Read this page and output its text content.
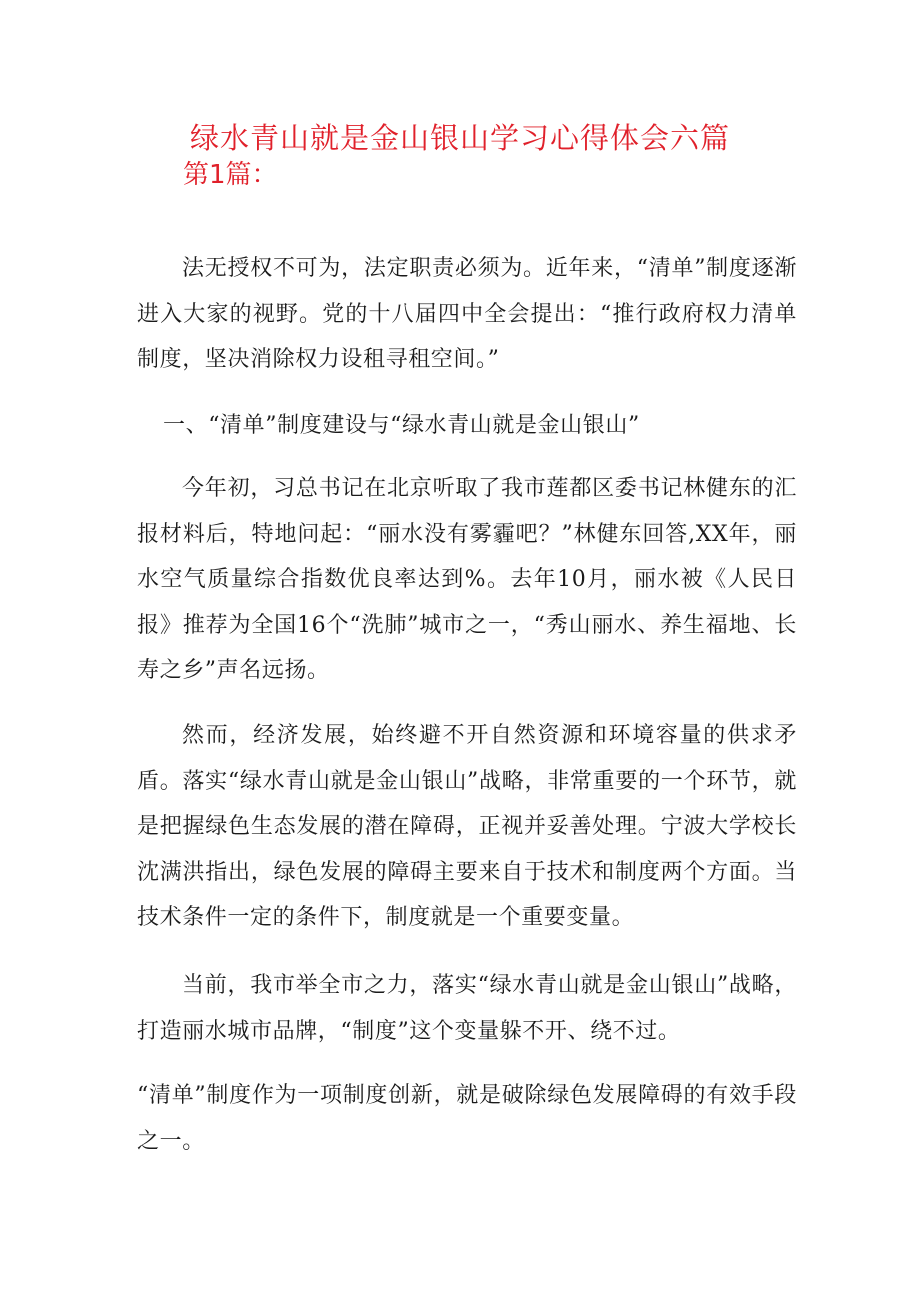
绿水青山就是金山银山学习心得体会六篇
第1篇：

法无授权不可为，法定职责必须为。近年来，“清单”制度逐渐进入大家的视野。党的十八届四中全会提出：“推行政府权力清单制度，坚决消除权力设租寻租空间。”

一、“清单”制度建设与“绿水青山就是金山银山”

今年初，习总书记在北京听取了我市莲都区委书记林健东的汇报材料后，特地问起：“丽水没有雾霾吧？”林健东回答,XX年，丽水空气质量综合指数优良率达到%。去年10月，丽水被《人民日报》推荐为全国16个“洗肺”城市之一，“秀山丽水、养生福地、长寿之乡”声名远扬。

然而，经济发展，始终避不开自然资源和环境容量的供求矛盾。落实“绿水青山就是金山银山”战略，非常重要的一个环节，就是把握绿色生态发展的潜在障碍，正视并妥善处理。宁波大学校长沈满洪指出，绿色发展的障碍主要来自于技术和制度两个方面。当技术条件一定的条件下，制度就是一个重要变量。

当前，我市举全市之力，落实“绿水青山就是金山银山”战略，打造丽水城市品牌，“制度”这个变量躲不开、绕不过。

“清单”制度作为一项制度创新，就是破除绿色发展障碍的有效手段之一。
